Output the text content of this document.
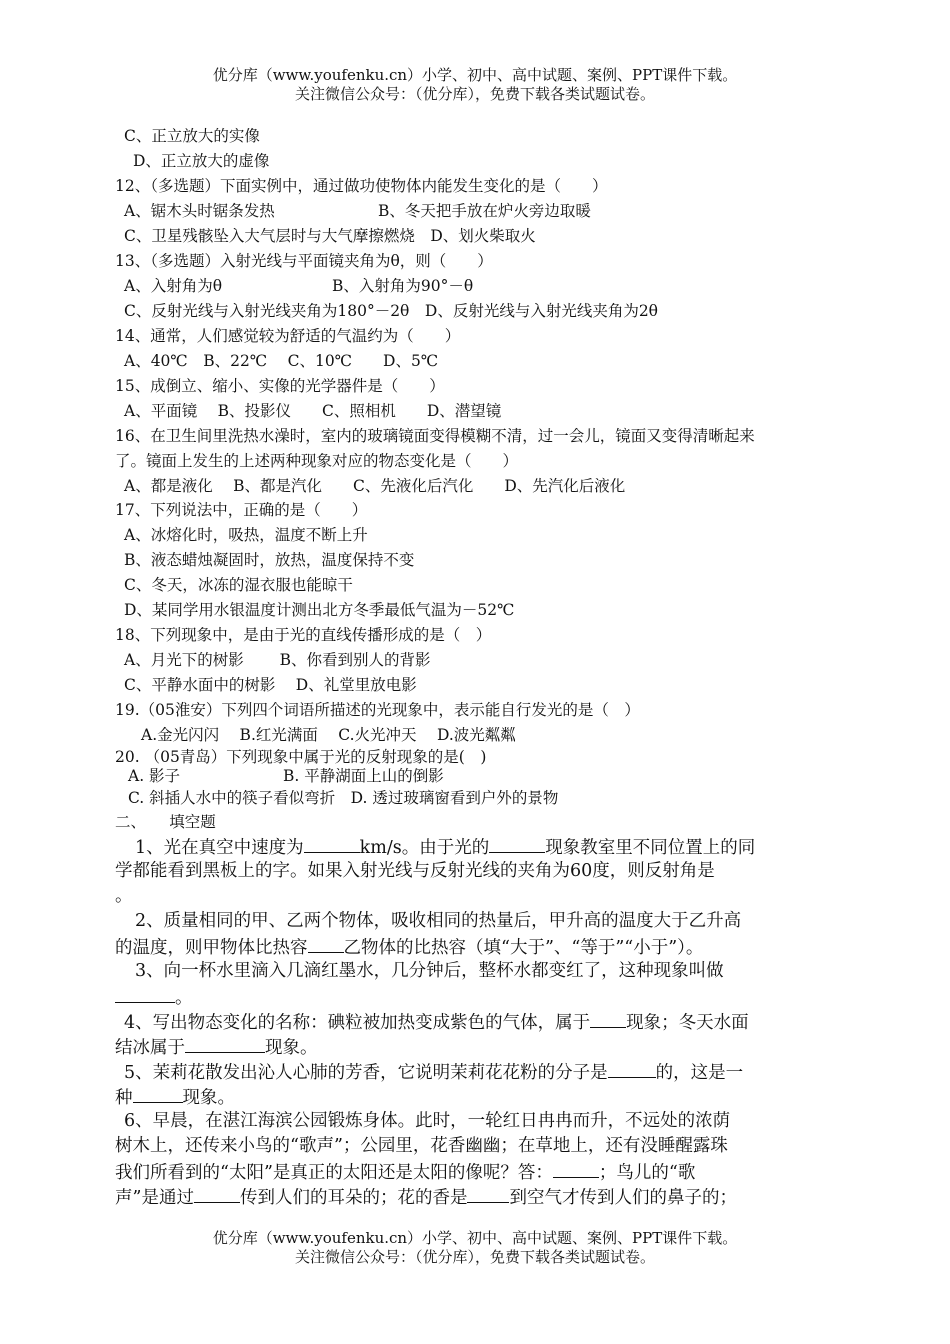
优分库（www.youfenku.cn）小学、初中、高中试题、案例、PPT课件下载。
关注微信公众号：（优分库），免费下载各类试题试卷。
C、正立放大的实像
D、正立放大的虚像
12、（多选题）下面实例中，通过做功使物体内能发生变化的是（　　）
A、锯木头时锯条发热	B、冬天把手放在炉火旁边取暖
C、卫星残骸坠入大气层时与大气摩擦燃烧　D、划火柴取火
13、（多选题）入射光线与平面镜夹角为θ，则（　　）
A、入射角为θ	B、入射角为90°－θ
C、反射光线与入射光线夹角为180°－2θ　D、反射光线与入射光线夹角为2θ
14、通常，人们感觉较为舒适的气温约为（　　）
A、40℃　B、22℃　 C、10℃　　D、5℃
15、成倒立、缩小、实像的光学器件是（　　）
A、平面镜　 B、投影仪　　C、照相机　　D、潜望镜
16、在卫生间里洗热水澡时，室内的玻璃镜面变得模糊不清，过一会儿，镜面又变得清晰起来
了。镜面上发生的上述两种现象对应的物态变化是（　　）
A、都是液化　 B、都是汽化　　C、先液化后汽化　　D、先汽化后液化
17、下列说法中，正确的是（　　）
A、冰熔化时，吸热，温度不断上升
B、液态蜡烛凝固时，放热，温度保持不变
C、冬天，冰冻的湿衣服也能晾干
D、某同学用水银温度计测出北方冬季最低气温为－52℃
18、下列现象中，是由于光的直线传播形成的是（　）
A、月光下的树影　　 B、你看到别人的背影
C、平静水面中的树影　 D、礼堂里放电影
19.（05淮安）下列四个词语所描述的光现象中，表示能自行发光的是（　）
A.金光闪闪　 B.红光满面　 C.火光冲天　 D.波光粼粼
20. （05青岛）下列现象中属于光的反射现象的是(　)
A. 影子	B. 平静湖面上山的倒影
C. 斜插人水中的筷子看似弯折　D. 透过玻璃窗看到户外的景物
二、　　填空题
1、光在真空中速度为	km/s。由于光的	现象教室里不同位置上的同
学都能看到黑板上的字。如果入射光线与反射光线的夹角为60度，则反射角是
。
2、质量相同的甲、乙两个物体，吸收相同的热量后，甲升高的温度大于乙升高
的温度，则甲物体比热容 乙物体的比热容（填“大于”、“等于”“小于”）。
3、向一杯水里滴入几滴红墨水，几分钟后，整杯水都变红了，这种现象叫做
。
4、写出物态变化的名称：碘粒被加热变成紫色的气体，属于 现象；冬天水面
结冰属于	现象。
5、茉莉花散发出沁人心肺的芳香，它说明茉莉花花粉的分子是	的，这是一
种	现象。
6、早晨，在湛江海滨公园锻炼身体。此时，一轮红日冉冉而升，不远处的浓荫
树木上，还传来小鸟的“歌声”；公园里，花香幽幽；在草地上，还有没睡醒露珠
我们所看到的“太阳”是真正的太阳还是太阳的像呢？答：	；鸟儿的“歌
声”是通过	传到人们的耳朵的；花的香是 到空气才传到人们的鼻子的；
优分库（www.youfenku.cn）小学、初中、高中试题、案例、PPT课件下载。
关注微信公众号：（优分库），免费下载各类试题试卷。
